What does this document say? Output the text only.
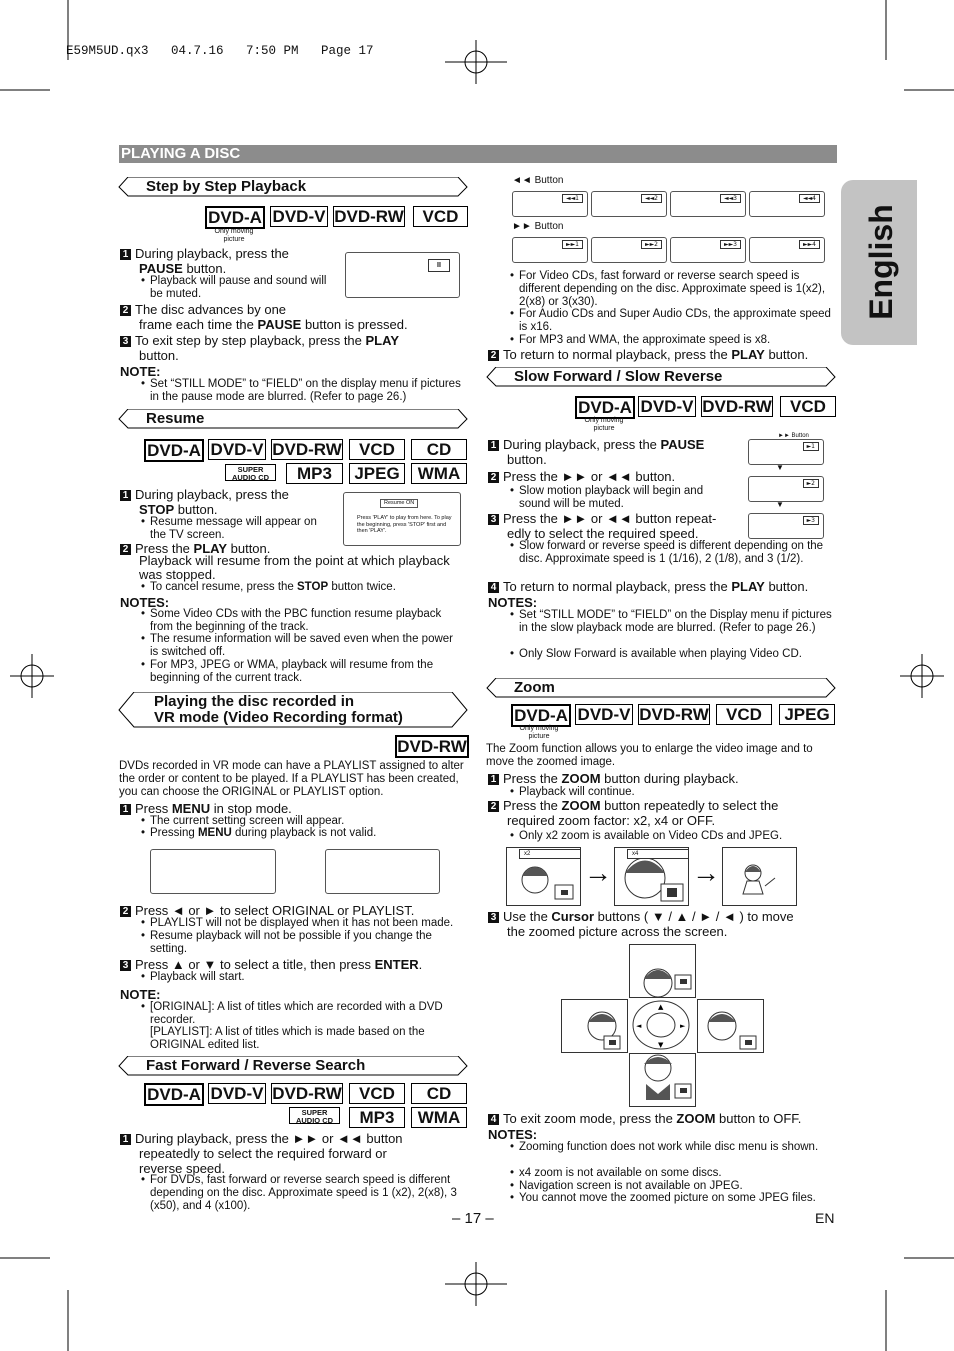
E59M5UD.qx3   04.7.16   7:50 PM   Page 17
English
PLAYING A DISC
Step by Step Playback
DVD-A DVD-V DVD-RW	VCD
Only moving picture
1 During playback, press the
PAUSE button.
• Playback will pause and sound will be muted.
II
2 The disc advances by one
frame each time the PAUSE button is pressed.
3 To exit step by step playback, press the PLAY
button.
NOTE:
• Set “STILL MODE” to “FIELD” on the display menu if pictures in the pause mode are blurred. (Refer to page 26.)
Resume
DVD-A DVD-V DVD-RW	VCD	CD
SUPER AUDIO CD	MP3	JPEG	WMA
1 During playback, press the
STOP button.
• Resume message will appear on the TV screen.
Resume ON
Press 'PLAY' to play from here. To play the beginning, press 'STOP' first and then 'PLAY'.
2 Press the PLAY button.
Playback will resume from the point at which playback was stopped.
• To cancel resume, press the STOP button twice.
NOTES:
• Some Video CDs with the PBC function resume playback from the beginning of the track.
• The resume information will be saved even when the power is switched off.
• For MP3, JPEG or WMA, playback will resume from the beginning of the current track.
Playing the disc recorded in
VR mode (Video Recording format)
DVD-RW
DVDs recorded in VR mode can have a PLAYLIST assigned to alter the order or content to be played. If a PLAYLIST has been created, you can choose the ORIGINAL or PLAYLIST option.
1 Press MENU in stop mode.
• The current setting screen will appear.
• Pressing MENU during playback is not valid.
2 Press ◄ or ► to select ORIGINAL or PLAYLIST.
• PLAYLIST will not be displayed when it has not been made.
• Resume playback will not be possible if you change the setting.
3 Press ▲ or ▼ to select a title, then press ENTER.
• Playback will start.
NOTE:
• [ORIGINAL]: A list of titles which are recorded with a DVD recorder.
[PLAYLIST]: A list of titles which is made based on the ORIGINAL edited list.
Fast Forward / Reverse Search
DVD-A DVD-V DVD-RW	VCD	CD
SUPER AUDIO CD	MP3	WMA
1 During playback, press the ►► or ◄◄ button
repeatedly to select the required forward or
reverse speed.
• For DVDs, fast forward or reverse search speed is different depending on the disc. Approximate speed is 1 (x2), 2(x8), 3 (x50), and 4 (x100).
◄◄ Button
◄◄1	◄◄2	◄◄3	◄◄4
►► Button
►►1	►►2	►►3	►►4
• For Video CDs, fast forward or reverse search speed is different depending on the disc. Approximate speed is 1(x2), 2(x8) or 3(x30).
• For Audio CDs and Super Audio CDs, the approximate speed is x16.
• For MP3 and WMA, the approximate speed is x8.
2 To return to normal playback, press the PLAY button.
Slow Forward / Slow Reverse
DVD-A DVD-V DVD-RW	VCD
Only moving picture
1 During playback, press the PAUSE
button.
2 Press the ►► or ◄◄ button.
• Slow motion playback will begin and sound will be muted.
3 Press the ►► or ◄◄ button repeat-
edly to select the required speed.
• Slow forward or reverse speed is different depending on the disc. Approximate speed is 1 (1/16), 2 (1/8), and 3 (1/2).
4 To return to normal playback, press the PLAY button.
►► Button
►1
▼
►2
▼
►3
NOTES:
• Set “STILL MODE” to “FIELD” on the Display menu if pictures in the slow playback mode are blurred. (Refer to page 26.)
• Only Slow Forward is available when playing Video CD.
Zoom
DVD-A DVD-V DVD-RW	VCD	JPEG
Only moving picture
The Zoom function allows you to enlarge the video image and to move the zoomed image.
1 Press the ZOOM button during playback.
• Playback will continue.
2 Press the ZOOM button repeatedly to select the
required zoom factor: x2, x4 or OFF.
• Only x2 zoom is available on Video CDs and JPEG.
x2
→
x4
→
3 Use the Cursor buttons ( ▼ / ▲ / ► / ◄ ) to move
the zoomed picture across the screen.
▲
▼
◄	►
4 To exit zoom mode, press the ZOOM button to OFF.
NOTES:
• Zooming function does not work while disc menu is shown.
• x4 zoom is not available on some discs.
• Navigation screen is not available on JPEG.
• You cannot move the zoomed picture on some JPEG files.
– 17 –	EN
